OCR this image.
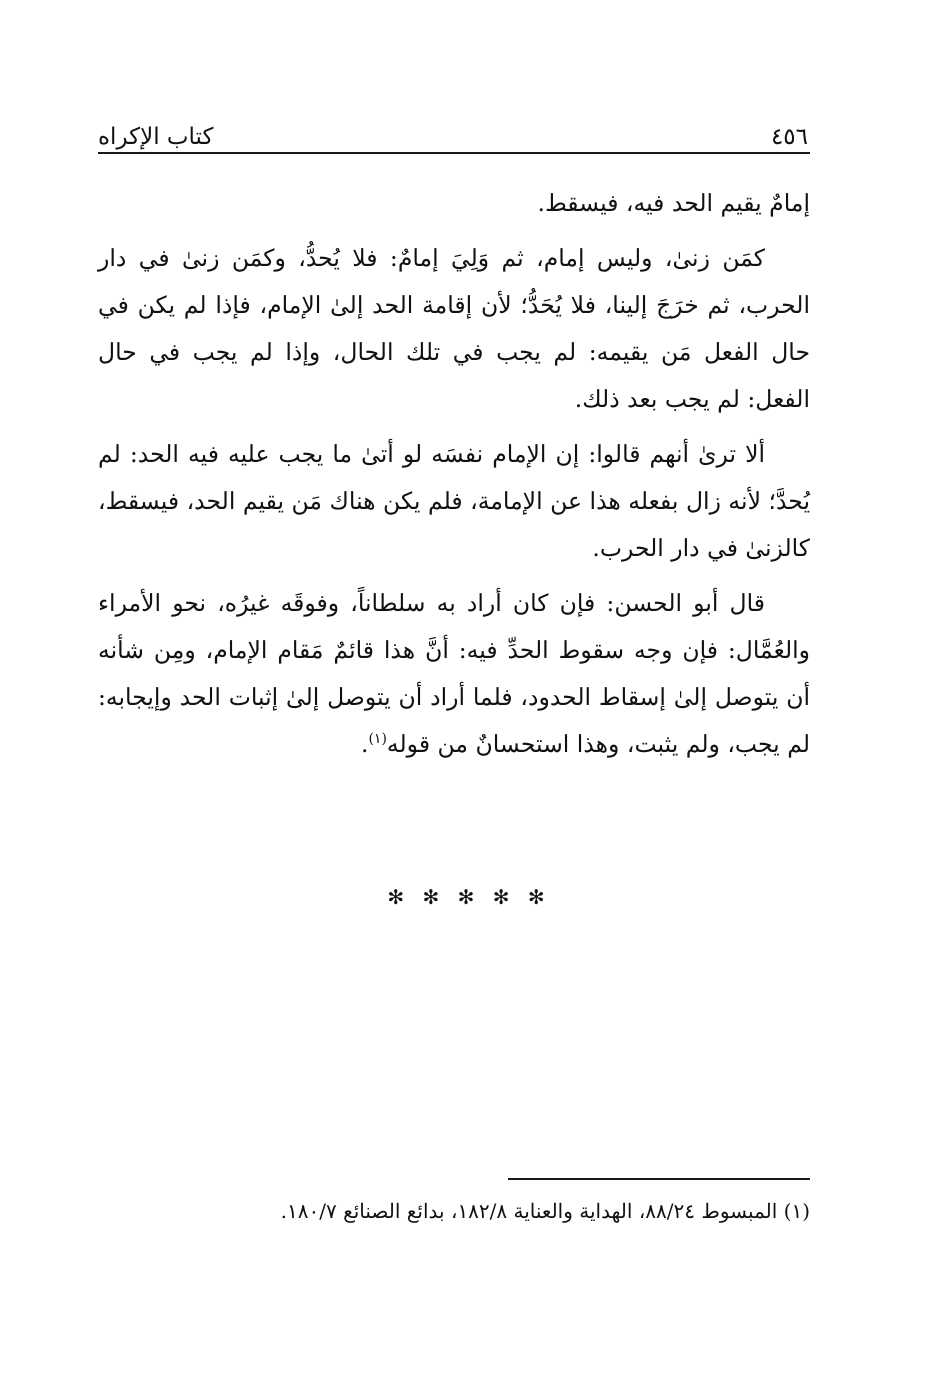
٤٥٦
كتاب الإكراه

إمامٌ يقيم الحد فيه، فيسقط.

كمَن زنىٰ، وليس إمام، ثم وَلِيَ إمامٌ: فلا يُحدُّ، وكمَن زنىٰ في دار الحرب، ثم خرَجَ إلينا، فلا يُحَدُّ؛ لأن إقامة الحد إلىٰ الإمام، فإذا لم يكن في حال الفعل مَن يقيمه: لم يجب في تلك الحال، وإذا لم يجب في حال الفعل: لم يجب بعد ذلك.

ألا ترىٰ أنهم قالوا: إن الإمام نفسَه لو أتىٰ ما يجب عليه فيه الحد: لم يُحدَّ؛ لأنه زال بفعله هذا عن الإمامة، فلم يكن هناك مَن يقيم الحد، فيسقط، كالزنىٰ في دار الحرب.

قال أبو الحسن: فإن كان أراد به سلطاناً، وفوقَه غيرُه، نحو الأمراء والعُمَّال: فإن وجه سقوط الحدِّ فيه: أنَّ هذا قائمٌ مَقام الإمام، ومِن شأنه أن يتوصل إلىٰ إسقاط الحدود، فلما أراد أن يتوصل إلىٰ إثبات الحد وإيجابه: لم يجب، ولم يثبت، وهذا استحسانٌ من قوله$^{(١)}$.

✻ ✻ ✻ ✻ ✻
(١) المبسوط ٨٨/٢٤، الهداية والعناية ١٨٢/٨، بدائع الصنائع ١٨٠/٧.
